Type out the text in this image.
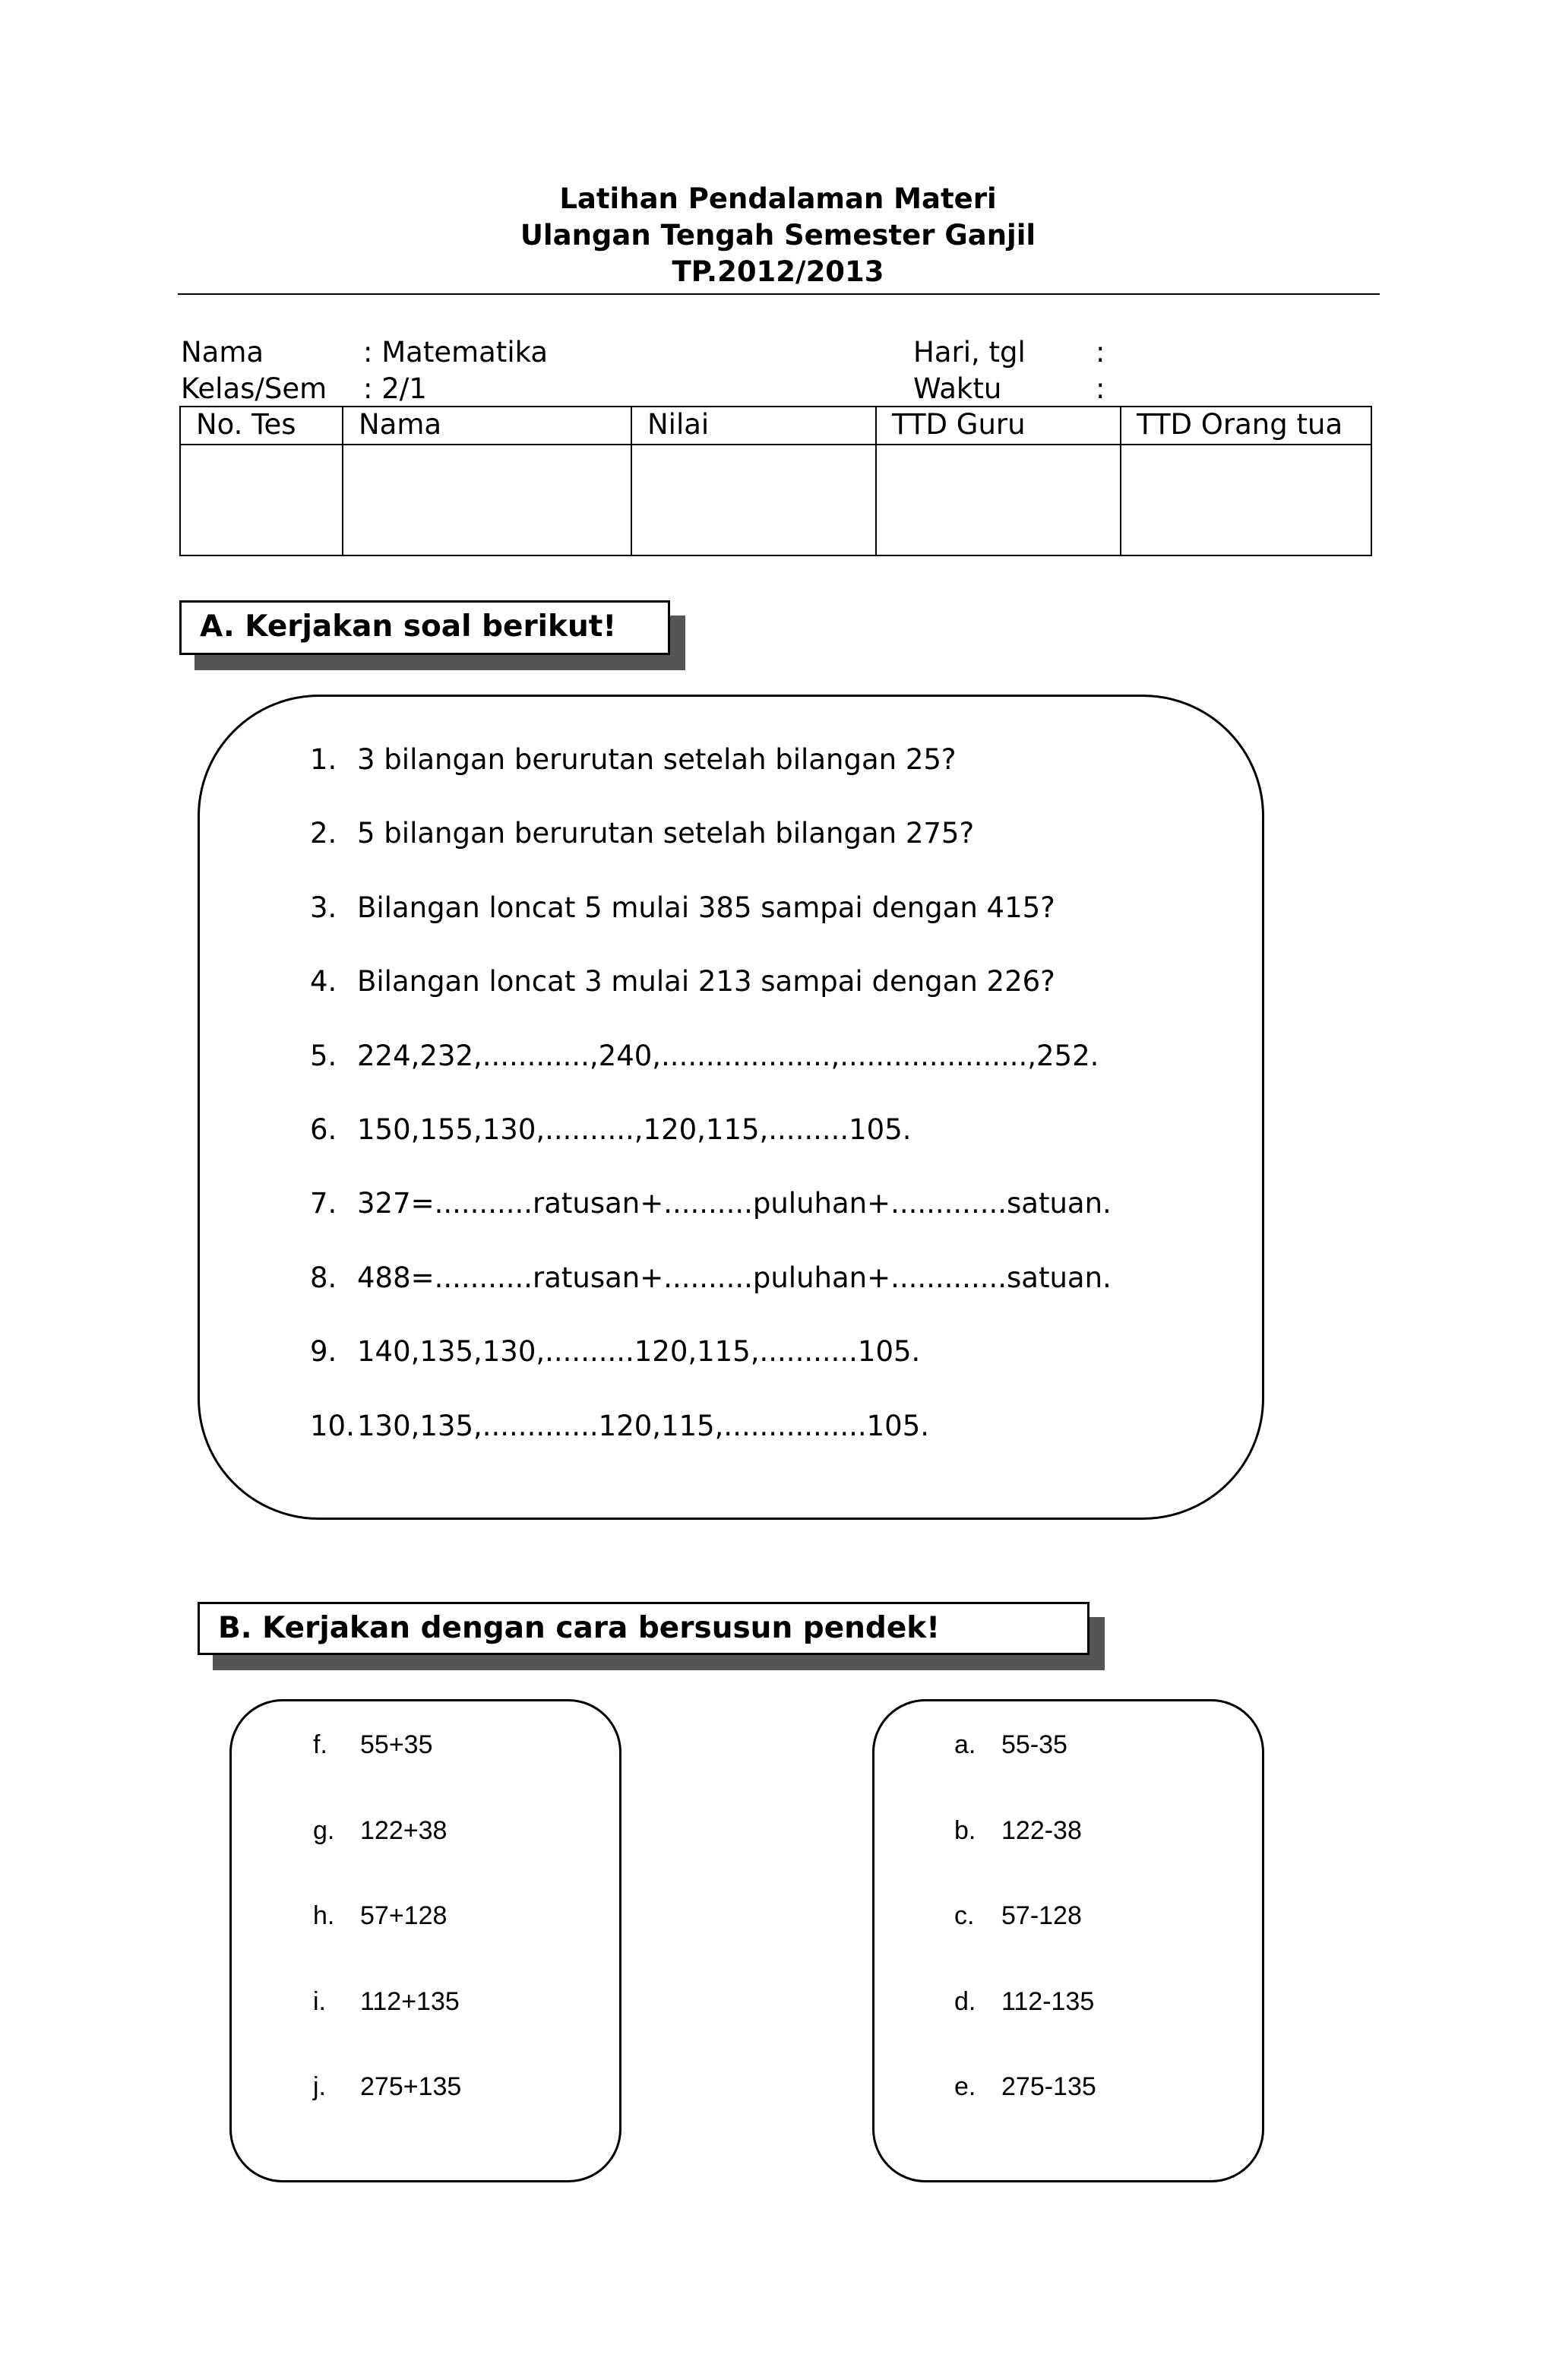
Latihan Pendalaman Materi
Ulangan Tengah Semester Ganjil
TP.2012/2013
Nama	: Matematika
Kelas/Sem : 2/1
Hari, tgl :
Waktu	:
No. Tes	Nama	Nilai	TTD Guru	TTD Orang tua

A. Kerjakan soal berikut!
1. 3 bilangan berurutan setelah bilangan 25?
2. 5 bilangan berurutan setelah bilangan 275?
3. Bilangan loncat 5 mulai 385 sampai dengan 415?
4. Bilangan loncat 3 mulai 213 sampai dengan 226?
5. 224,232,............,240,...................,.....................,252.
6. 150,155,130,..........,120,115,.........105.
7. 327=...........ratusan+..........puluhan+.............satuan.
8. 488=...........ratusan+..........puluhan+.............satuan.
9. 140,135,130,..........120,115,...........105.
10. 130,135,.............120,115,................105.
B. Kerjakan dengan cara bersusun pendek!
f.	55+35
g. 122+38
h. 57+128
i.	112+135
j.	275+135
a. 55-35
b. 122-38
c.	57-128
d. 112-135
e. 275-135
